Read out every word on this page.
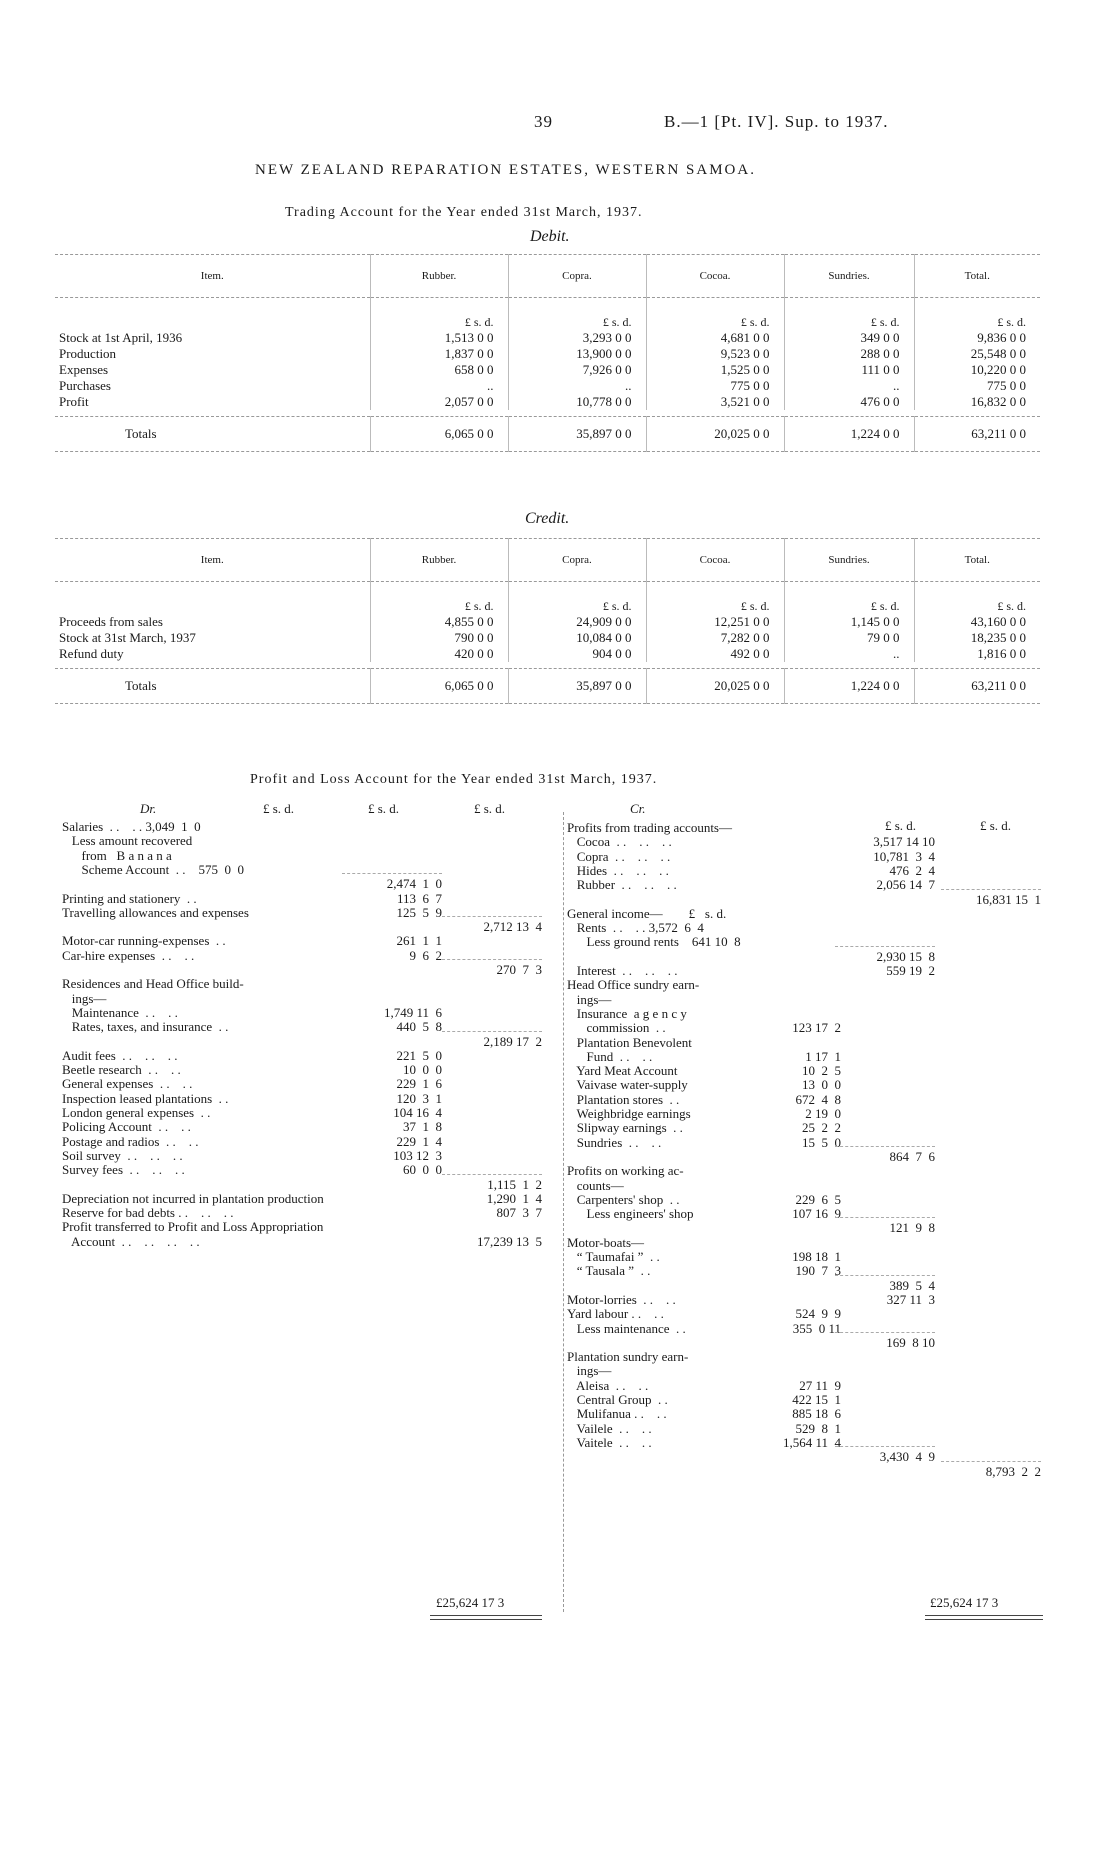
39	B.—1 [Pt. IV]. Sup. to 1937.
NEW ZEALAND REPARATION ESTATES, WESTERN SAMOA.
Trading Account for the Year ended 31st March, 1937.
Debit.
Item.	Rubber.	Copra.	Cocoa.	Sundries.	Total.
	£ s. d.	£ s. d.	£ s. d.	£ s. d.	£ s. d.
Stock at 1st April, 1936	1,513 0 0	3,293 0 0	4,681 0 0	349 0 0	9,836 0 0
Production	1,837 0 0	13,900 0 0	9,523 0 0	288 0 0	25,548 0 0
Expenses	658 0 0	7,926 0 0	1,525 0 0	111 0 0	10,220 0 0
Purchases	..	..	775 0 0	..	775 0 0
Profit	2,057 0 0	10,778 0 0	3,521 0 0	476 0 0	16,832 0 0

Totals	6,065 0 0	35,897 0 0	20,025 0 0	1,224 0 0	63,211 0 0
Credit.
Item.	Rubber.	Copra.	Cocoa.	Sundries.	Total.
	£ s. d.	£ s. d.	£ s. d.	£ s. d.	£ s. d.
Proceeds from sales	4,855 0 0	24,909 0 0	12,251 0 0	1,145 0 0	43,160 0 0
Stock at 31st March, 1937	790 0 0	10,084 0 0	7,282 0 0	79 0 0	18,235 0 0
Refund duty	420 0 0	904 0 0	492 0 0	..	1,816 0 0

Totals	6,065 0 0	35,897 0 0	20,025 0 0	1,224 0 0	63,211 0 0
Profit and Loss Account for the Year ended 31st March, 1937.
Dr.	£ s. d.	£ s. d.	£ s. d.
Salaries  . .    . . 3,049  1  0
Less amount recovered
from   B a n a n a
Scheme Account  . .    575  0  0
2,474  1  0
Printing and stationery  . .	113  6  7
Travelling allowances and expenses	125  5  9
2,712 13  4
Motor-car running-expenses  . .	261  1  1
Car-hire expenses  . .    . .	9  6  2
270  7  3
Residences and Head Office build-
ings—
Maintenance  . .    . .	1,749 11  6
Rates, taxes, and insurance  . .	440  5  8
2,189 17  2
Audit fees  . .    . .    . .	221  5  0
Beetle research  . .    . .	10  0  0
General expenses  . .    . .	229  1  6
Inspection leased plantations  . .	120  3  1
London general expenses  . .	104 16  4
Policing Account  . .    . .	37  1  8
Postage and radios  . .    . .	229  1  4
Soil survey  . .    . .    . .	103 12  3
Survey fees  . .    . .    . .	60  0  0
1,115  1  2
Depreciation not incurred in plantation production	1,290  1  4
Reserve for bad debts . .    . .    . .	807  3  7
Profit transferred to Profit and Loss Appropriation
Account  . .    . .    . .    . .	17,239 13  5
£25,624 17 3
Cr.
£ s. d.	£ s. d.
Profits from trading accounts—
Cocoa  . .    . .    . .	3,517 14 10
Copra  . .    . .    . .	10,781  3  4
Hides  . .    . .    . .	476  2  4
Rubber  . .    . .    . .	2,056 14  7
16,831 15  1
General income—        £   s. d.
Rents  . .    . . 3,572  6  4
Less ground rents    641 10  8
2,930 15  8
Interest  . .    . .    . .	559 19  2
Head Office sundry earn-
ings—
Insurance  a g e n c y
commission  . .	123 17  2
Plantation Benevolent
Fund  . .    . .	1 17  1
Yard Meat Account	10  2  5
Vaivase water-supply	13  0  0
Plantation stores  . .	672  4  8
Weighbridge earnings	2 19  0
Slipway earnings  . .	25  2  2
Sundries  . .    . .	15  5  0
864  7  6
Profits on working ac-
counts—
Carpenters' shop  . .	229  6  5
Less engineers' shop	107 16  9
121  9  8
Motor-boats—
“ Taumafai ”  . .	198 18  1
“ Tausala ”  . .	190  7  3
389  5  4
Motor-lorries  . .    . .	327 11  3
Yard labour . .    . .	524  9  9
Less maintenance  . .	355  0 11
169  8 10
Plantation sundry earn-
ings—
Aleisa  . .    . .	27 11  9
Central Group  . .	422 15  1
Mulifanua . .    . .	885 18  6
Vailele  . .    . .	529  8  1
Vaitele  . .    . .	1,564 11  4
3,430  4  9
8,793  2  2
£25,624 17 3
